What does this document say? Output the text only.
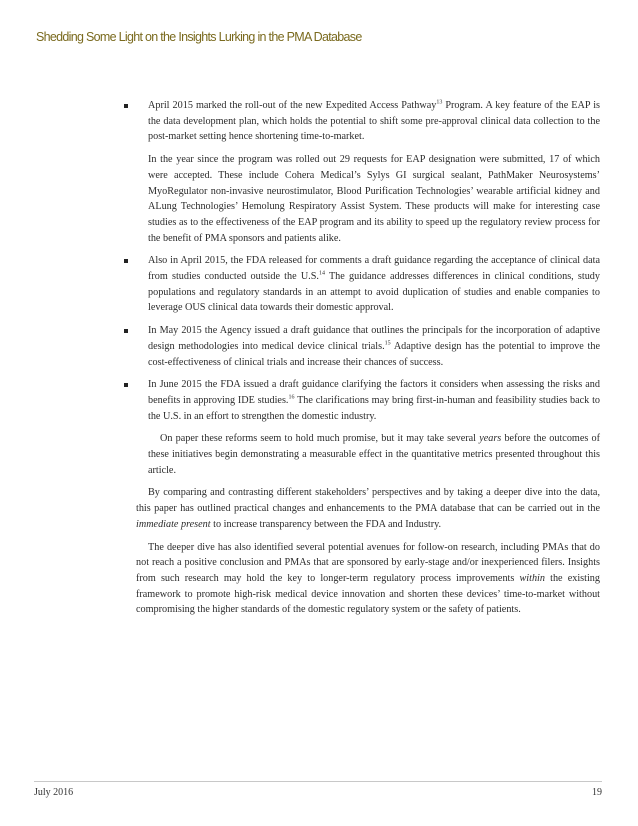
Shedding Some Light on the Insights Lurking in the PMA Database

April 2015 marked the roll-out of the new Expedited Access Pathway$^{13}$ Program. A key feature of the EAP is the data development plan, which holds the potential to shift some pre-approval clinical data collection to the post-market setting hence shortening time-to-market.

In the year since the program was rolled out 29 requests for EAP designation were submitted, 17 of which were accepted. These include Cohera Medical’s Sylys GI surgical sealant, PathMaker Neurosystems’ MyoRegulator non-invasive neurostimulator, Blood Purification Technologies’ wearable artificial kidney and ALung Technologies’ Hemolung Respiratory Assist System. These products will make for interesting case studies as to the effectiveness of the EAP program and its ability to speed up the regulatory review process for the benefit of PMA sponsors and patients alike.

Also in April 2015, the FDA released for comments a draft guidance regarding the acceptance of clinical data from studies conducted outside the U.S.$^{14}$ The guidance addresses differences in clinical conditions, study populations and regulatory standards in an attempt to avoid duplication of studies and enable companies to leverage OUS clinical data towards their domestic approval.

In May 2015 the Agency issued a draft guidance that outlines the principals for the incorporation of adaptive design methodologies into medical device clinical trials.$^{15}$ Adaptive design has the potential to improve the cost-effectiveness of clinical trials and increase their chances of success.

In June 2015 the FDA issued a draft guidance clarifying the factors it considers when assessing the risks and benefits in approving IDE studies.$^{16}$ The clarifications may bring first-in-human and feasibility studies back to the U.S. in an effort to strengthen the domestic industry.

On paper these reforms seem to hold much promise, but it may take several years before the outcomes of these initiatives begin demonstrating a measurable effect in the quantitative metrics presented throughout this article.

By comparing and contrasting different stakeholders’ perspectives and by taking a deeper dive into the data, this paper has outlined practical changes and enhancements to the PMA database that can be carried out in the immediate present to increase transparency between the FDA and Industry.

The deeper dive has also identified several potential avenues for follow-on research, including PMAs that do not reach a positive conclusion and PMAs that are sponsored by early-stage and/or inexperienced filers. Insights from such research may hold the key to longer-term regulatory process improvements within the existing framework to promote high-risk medical device innovation and shorten these devices’ time-to-market without compromising the higher standards of the domestic regulatory system or the safety of patients.

July 2016	19
